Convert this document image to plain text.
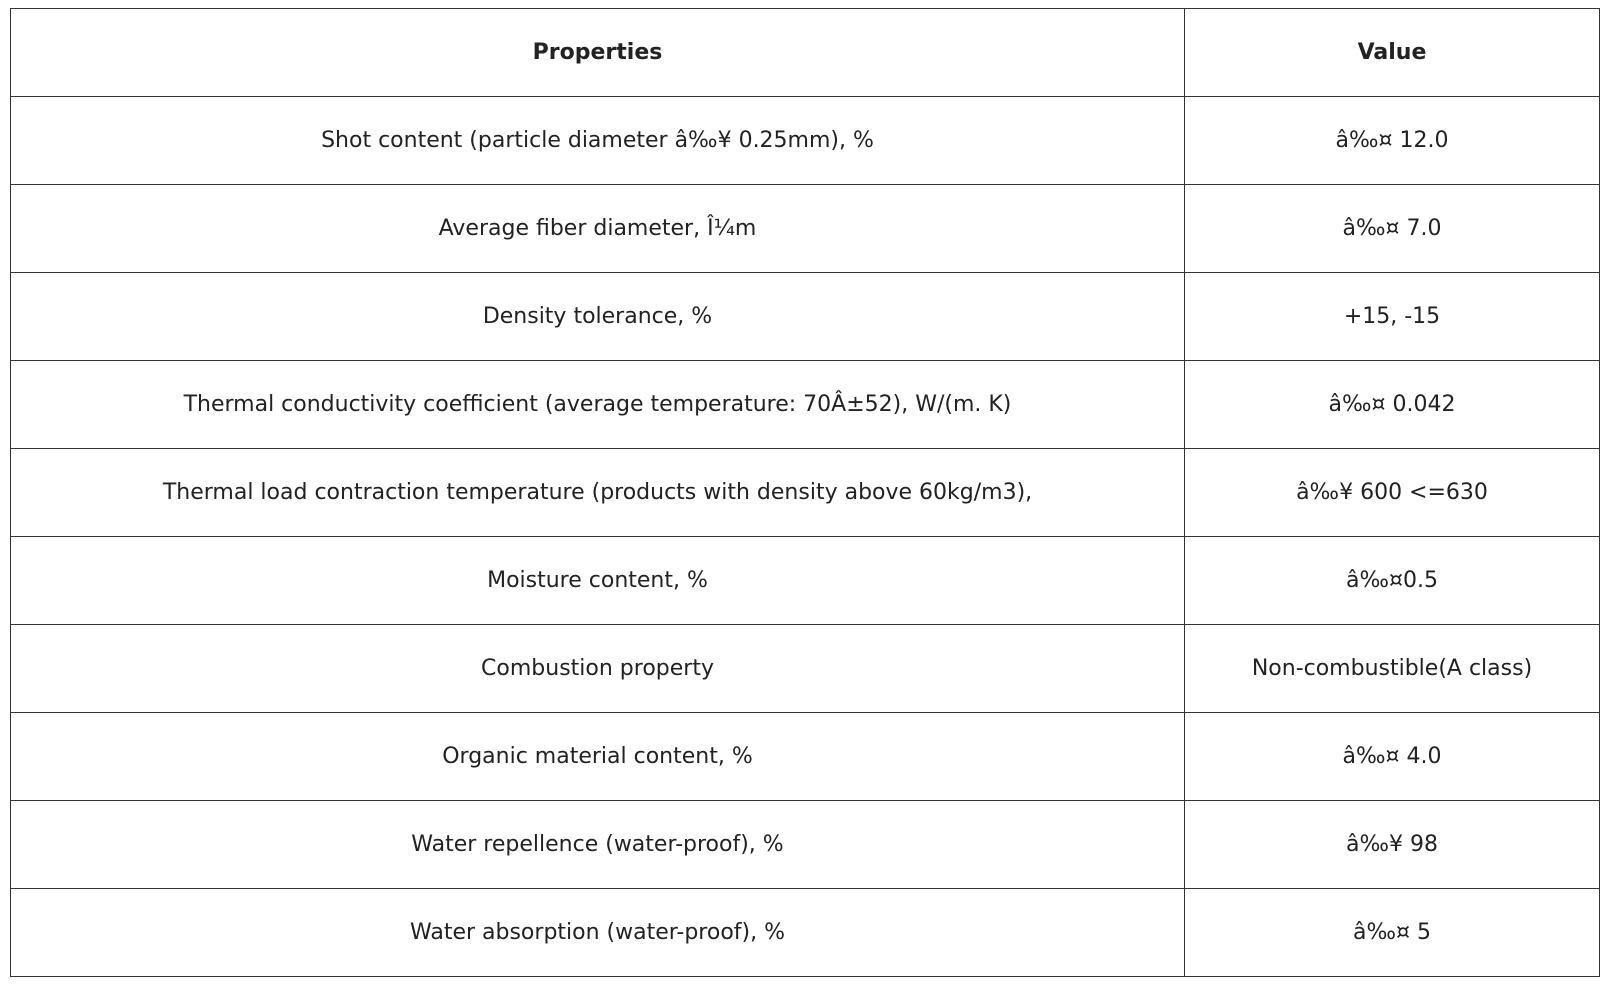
Properties	Value
Shot content (particle diameter â‰¥ 0.25mm), %	â‰¤ 12.0
Average fiber diameter, Î¼m	â‰¤ 7.0
Density tolerance, %	+15, -15
Thermal conductivity coefficient (average temperature: 70Â±52), W/(m. K)	â‰¤ 0.042
Thermal load contraction temperature (products with density above 60kg/m3),	â‰¥ 600 <=630
Moisture content, %	â‰¤0.5
Combustion property	Non-combustible(A class)
Organic material content, %	â‰¤ 4.0
Water repellence (water-proof), %	â‰¥ 98
Water absorption (water-proof), %	â‰¤ 5
